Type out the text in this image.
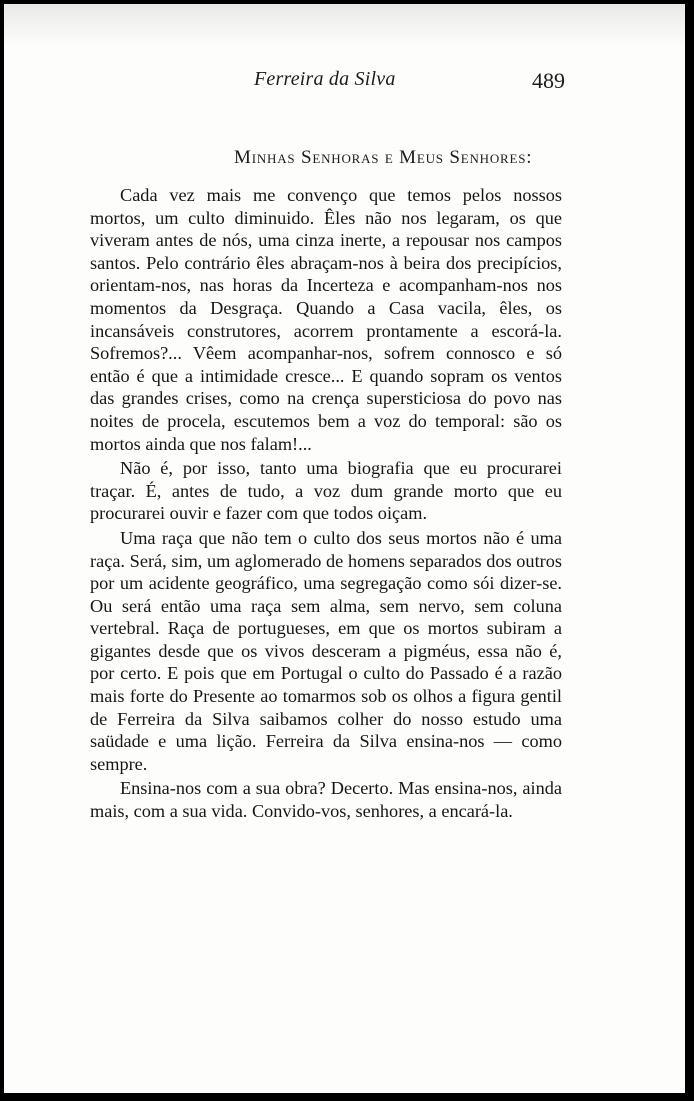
Ferreira da Silva	489
Minhas Senhoras e Meus Senhores:

Cada vez mais me convenço que temos pelos nossos mortos, um culto diminuido. Êles não nos legaram, os que viveram antes de nós, uma cinza inerte, a repousar nos campos santos. Pelo contrário êles abraçam-nos à beira dos precipícios, orientam-nos, nas horas da Incerteza e acompanham-nos nos momentos da Desgraça. Quando a Casa vacila, êles, os incansáveis construtores, acorrem prontamente a escorá-la. Sofremos?... Vêem acompanhar-nos, sofrem connosco e só então é que a intimidade cresce... E quando sopram os ventos das grandes crises, como na crença supersticiosa do povo nas noites de procela, escutemos bem a voz do temporal: são os mortos ainda que nos falam!...

Não é, por isso, tanto uma biografia que eu procurarei traçar. É, antes de tudo, a voz dum grande morto que eu procurarei ouvir e fazer com que todos oiçam.

Uma raça que não tem o culto dos seus mortos não é uma raça. Será, sim, um aglomerado de homens separados dos outros por um acidente geográfico, uma segregação como sói dizer-se. Ou será então uma raça sem alma, sem nervo, sem coluna vertebral. Raça de portugueses, em que os mortos subiram a gigantes desde que os vivos desceram a pigméus, essa não é, por certo. E pois que em Portugal o culto do Passado é a razão mais forte do Presente ao tomarmos sob os olhos a figura gentil de Ferreira da Silva saibamos colher do nosso estudo uma saüdade e uma lição. Ferreira da Silva ensina-nos — como sempre.

Ensina-nos com a sua obra? Decerto. Mas ensina-nos, ainda mais, com a sua vida. Convido-vos, senhores, a encará-la.
